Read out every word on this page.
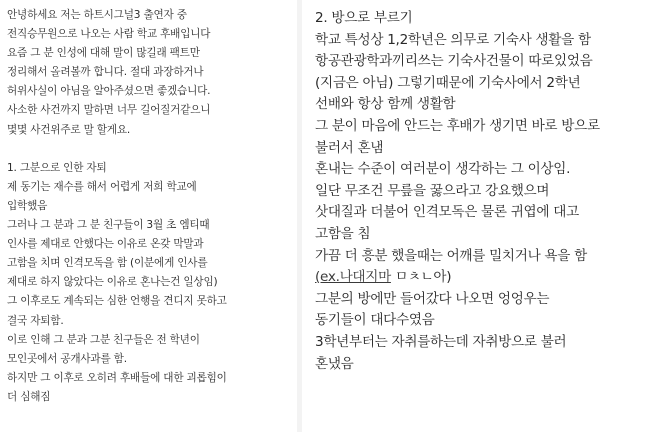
안녕하세요 저는 하트시그널3 출연자 중
전직승무원으로 나오는 사람 학교 후배입니다
요즘 그 분 인성에 대해 말이 많길래 팩트만
정리해서 올려볼까 합니다. 절대 과장하거나
허위사실이 아님을 알아주셨으면 좋겠습니다.
사소한 사건까지 말하면 너무 길어질거같으니
몇몇 사건위주로 말 할게요.
1. 그분으로 인한 자퇴
제 동기는 재수를 해서 어렵게 저희 학교에
입학했음
그러나 그 분과 그 분 친구들이 3월 초 엠티때
인사를 제대로 안했다는 이유로 온갖 막말과
고함을 치며 인격모독을 함 (이분에게 인사를
제대로 하지 않았다는 이유로 혼나는건 일상임)
그 이후로도 계속되는 심한 언행을 견디지 못하고
결국 자퇴함.
이로 인해 그 분과 그분 친구들은 전 학년이
모인곳에서 공개사과를 함.
하지만 그 이후로 오히려 후배들에 대한 괴롭힘이
더 심해짐
2. 방으로 부르기
학교 특성상 1,2학년은 의무로 기숙사 생활을 함
항공관광학과끼리쓰는 기숙사건물이 따로있었음
(지금은 아님) 그렇기때문에 기숙사에서 2학년
선배와 항상 함께 생활함
그 분이 마음에 안드는 후배가 생기면 바로 방으로
불러서 혼냄
혼내는 수준이 여러분이 생각하는 그 이상임.
일단 무조건 무릎을 꿇으라고 강요했으며
삿대질과 더불어 인격모독은 물론 귀엽에 대고
고함을 침
가끔 더 흥분 했을때는 어깨를 밀치거나 욕을 함
(ex.나대지마 ㅁㅊㄴ아)
그분의 방에만 들어갔다 나오면 엉엉우는
동기들이 대다수였음
3학년부터는 자취를하는데 자취방으로 불러
혼냈음
